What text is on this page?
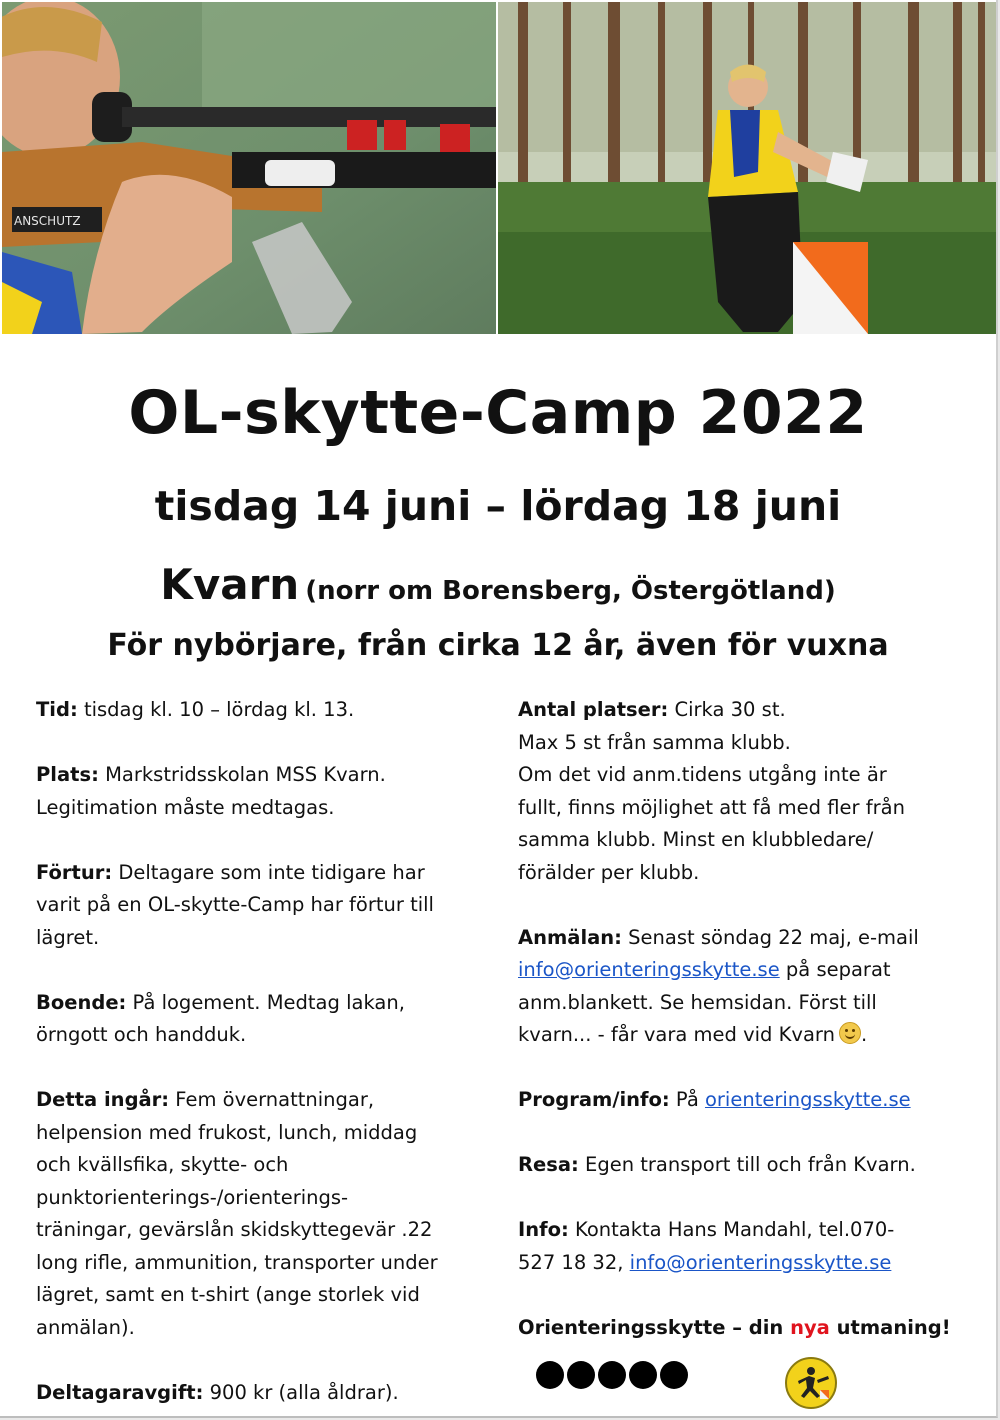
ANSCHUTZ
OL-skytte-Camp 2022
tisdag 14 juni – lördag 18 juni
Kvarn (norr om Borensberg, Östergötland)
För nybörjare, från cirka 12 år, även för vuxna
Tid: tisdag kl. 10 – lördag kl. 13.
Plats: Markstridsskolan MSS Kvarn.
Legitimation måste medtagas.
Förtur: Deltagare som inte tidigare har
varit på en OL-skytte-Camp har förtur till
lägret.
Boende: På logement. Medtag lakan,
örngott och handduk.
Detta ingår: Fem övernattningar,
helpension med frukost, lunch, middag
och kvällsfika, skytte- och
punktorienterings-/orienterings-
träningar, gevärslån skidskyttegevär .22
long rifle, ammunition, transporter under
lägret, samt en t-shirt (ange storlek vid
anmälan).
Deltagaravgift: 900 kr (alla åldrar).
Antal platser: Cirka 30 st.
Max 5 st från samma klubb.
Om det vid anm.tidens utgång inte är
fullt, finns möjlighet att få med fler från
samma klubb. Minst en klubbledare/
förälder per klubb.
Anmälan: Senast söndag 22 maj, e-mail
info@orienteringsskytte.se på separat
anm.blankett. Se hemsidan. Först till
kvarn... - får vara med vid Kvarn .
Program/info: På orienteringsskytte.se
Resa: Egen transport till och från Kvarn.
Info: Kontakta Hans Mandahl, tel.070-
527 18 32, info@orienteringsskytte.se
Orienteringsskytte – din nya utmaning!
